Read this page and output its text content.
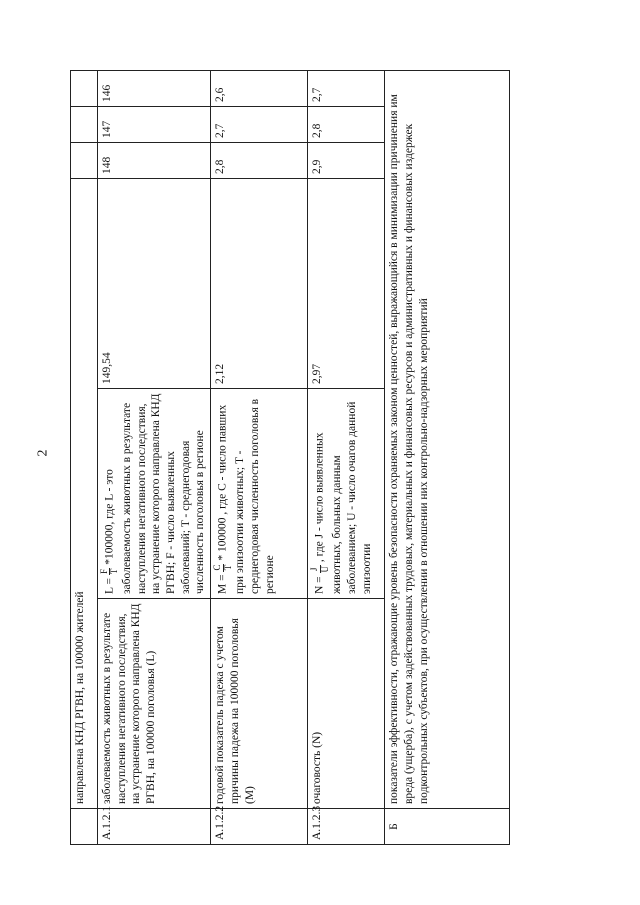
2
	направлена КНД РГВН, на 100000 жителей					
А.1.2.1	заболеваемость животных в результате наступления негативного последствия, на устранение которого направлена КНД РГВН, на 100000 поголовья (L)	L =
F T
*100000, где L - это заболеваемость животных в результате наступления негативного последствия, на устранение которого направлена КНД РГВН; F - число выявленных заболеваний; T - среднегодовая численность поголовья в регионе	149,54	148	147	146
А.1.2.2	годовой показатель падежа с учетом причины падежа на 100000 поголовья (M)	M =
C T
* 100000 , где C - число павших при эпизоотии животных; T - среднегодовая численность поголовья в регионе	2,12	2,8	2,7	2,6
А.1.2.3	очаговость (N)	N =
J U
, где J - число выявленных животных, больных данным заболеванием; U - число очагов данной эпизоотии	2,97	2,9	2,8	2,7
Б	показатели эффективности, отражающие уровень безопасности охраняемых законом ценностей, выражающийся в минимизации причинения им вреда (ущерба), с учетом задействованных трудовых, материальных и финансовых ресурсов и административных и финансовых издержек подконтрольных субъектов, при осуществлении в отношении них контрольно-надзорных мероприятий					
